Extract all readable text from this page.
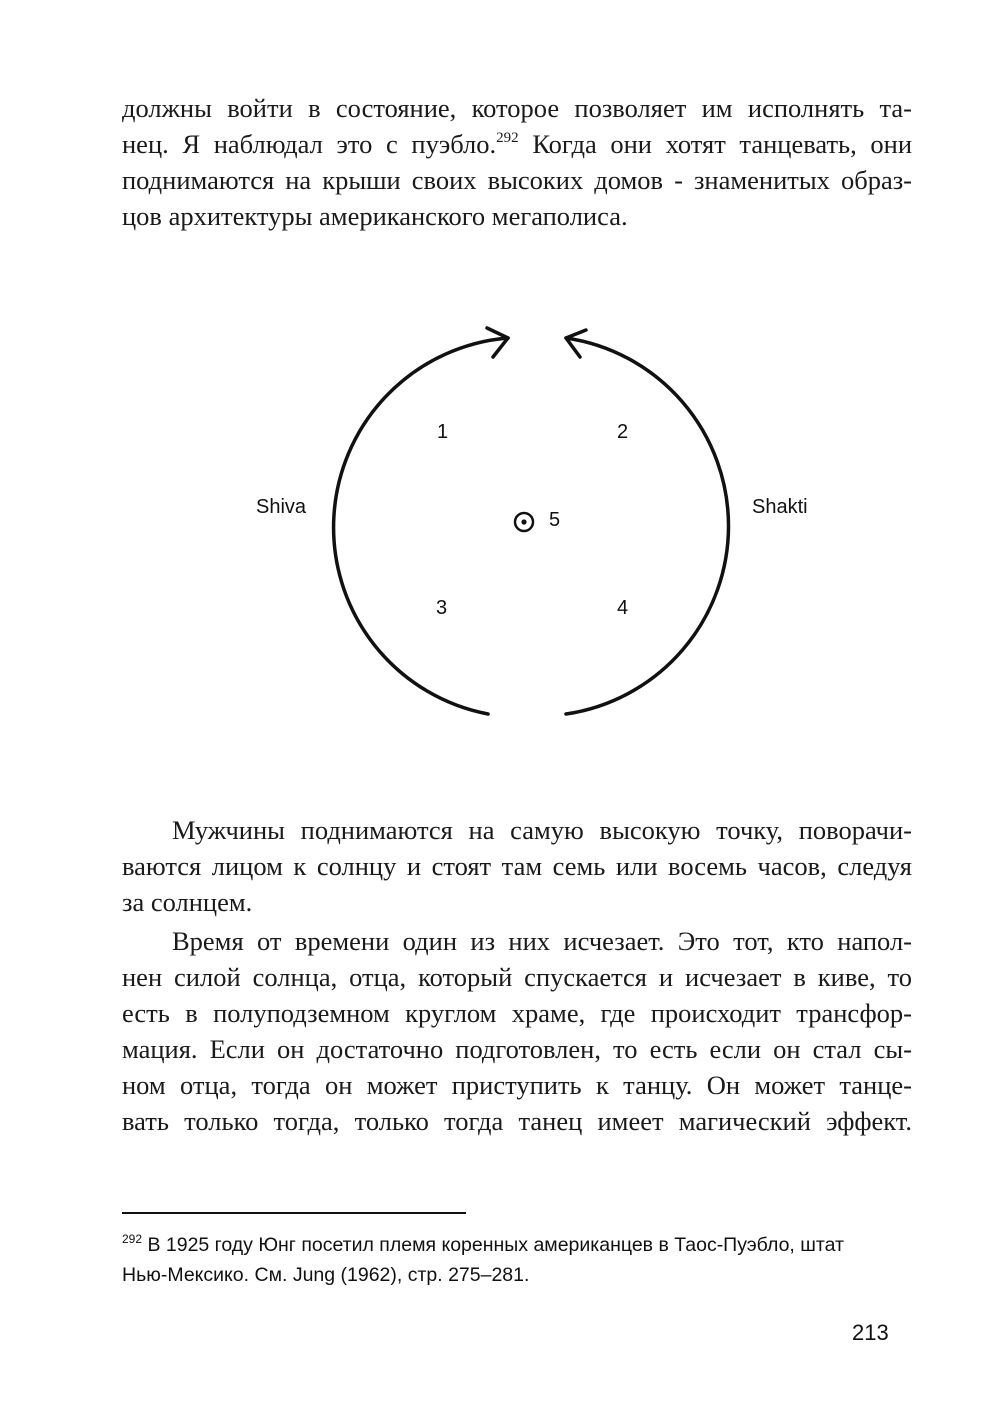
должны войти в состояние, которое позволяет им исполнять та-
нец. Я наблюдал это с пуэбло.$^{292}$ Когда они хотят танцевать, они
поднимаются на крыши своих высоких домов - знаменитых образ-
цов архитектуры американского мегаполиса.
Shiva	Shakti
1	2
3	4
5
Мужчины поднимаются на самую высокую точку, поворачи-
ваются лицом к солнцу и стоят там семь или восемь часов, следуя
за солнцем.
Время от времени один из них исчезает. Это тот, кто напол-
нен силой солнца, отца, который спускается и исчезает в киве, то
есть в полуподземном круглом храме, где происходит трансфор-
мация. Если он достаточно подготовлен, то есть если он стал сы-
ном отца, тогда он может приступить к танцу. Он может танце-
вать только тогда, только тогда танец имеет магический эффект.
$^{292}$ В 1925 году Юнг посетил племя коренных американцев в Таос-Пуэбло, штат
Нью-Мексико. См. Jung (1962), стр. 275–281.
213
